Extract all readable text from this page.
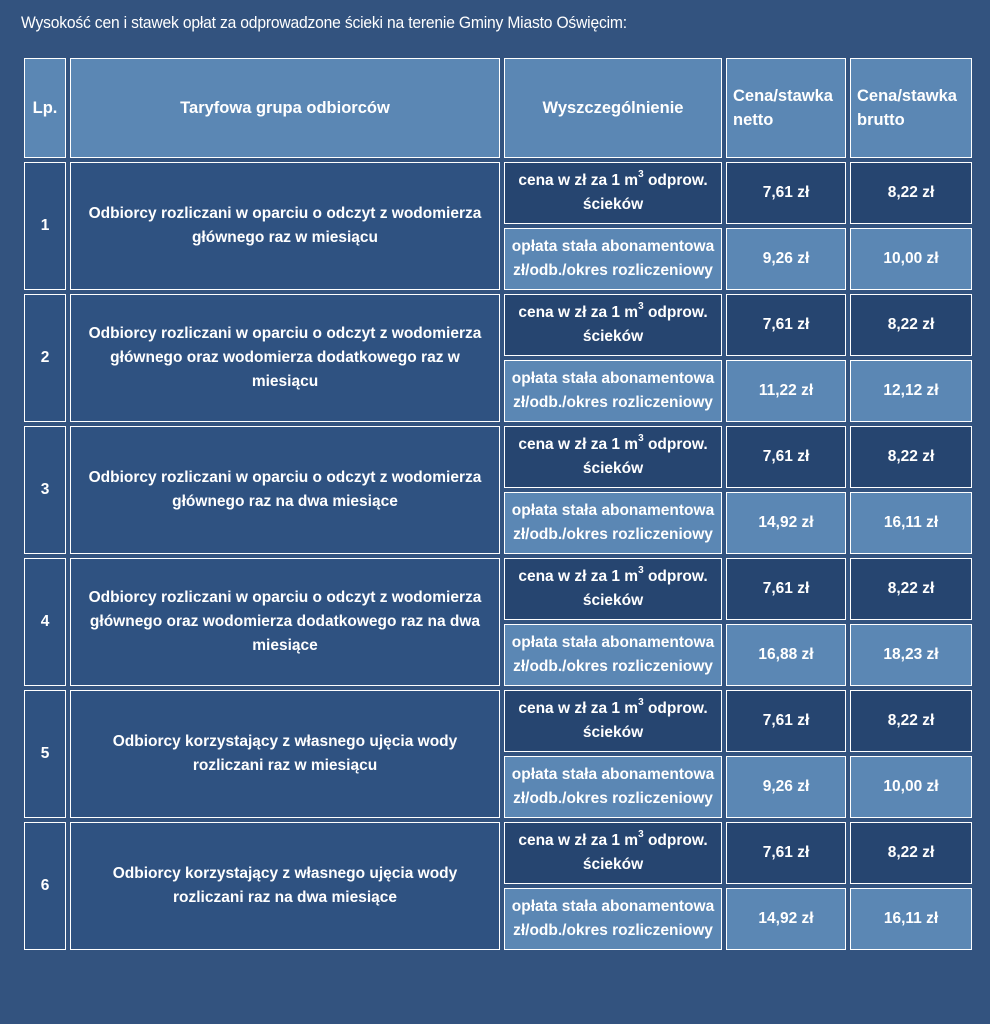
Wysokość cen i stawek opłat za odprowadzone ścieki na terenie Gminy Miasto Oświęcim:
Lp.	Taryfowa grupa odbiorców	Wyszczególnienie	Cena/stawka netto	Cena/stawka brutto
1	Odbiorcy rozliczani w oparciu o odczyt z wodomierza głównego raz w miesiącu	cena w zł za 1 $m^3$ odprow. ścieków	7,61 zł	8,22 zł
		opłata stała abonamentowa zł/odb./okres rozliczeniowy	9,26 zł	10,00 zł
2	Odbiorcy rozliczani w oparciu o odczyt z wodomierza głównego oraz wodomierza dodatkowego raz w miesiącu	cena w zł za 1 $m^3$ odprow. ścieków	7,61 zł	8,22 zł
		opłata stała abonamentowa zł/odb./okres rozliczeniowy	11,22 zł	12,12 zł
3	Odbiorcy rozliczani w oparciu o odczyt z wodomierza głównego raz na dwa miesiące	cena w zł za 1 $m^3$ odprow. ścieków	7,61 zł	8,22 zł
		opłata stała abonamentowa zł/odb./okres rozliczeniowy	14,92 zł	16,11 zł
4	Odbiorcy rozliczani w oparciu o odczyt z wodomierza głównego oraz wodomierza dodatkowego raz na dwa miesiące	cena w zł za 1 $m^3$ odprow. ścieków	7,61 zł	8,22 zł
		opłata stała abonamentowa zł/odb./okres rozliczeniowy	16,88 zł	18,23 zł
5	Odbiorcy korzystający z własnego ujęcia wody rozliczani raz w miesiącu	cena w zł za 1 $m^3$ odprow. ścieków	7,61 zł	8,22 zł
		opłata stała abonamentowa zł/odb./okres rozliczeniowy	9,26 zł	10,00 zł
6	Odbiorcy korzystający z własnego ujęcia wody rozliczani raz na dwa miesiące	cena w zł za 1 $m^3$ odprow. ścieków	7,61 zł	8,22 zł
		opłata stała abonamentowa zł/odb./okres rozliczeniowy	14,92 zł	16,11 zł
